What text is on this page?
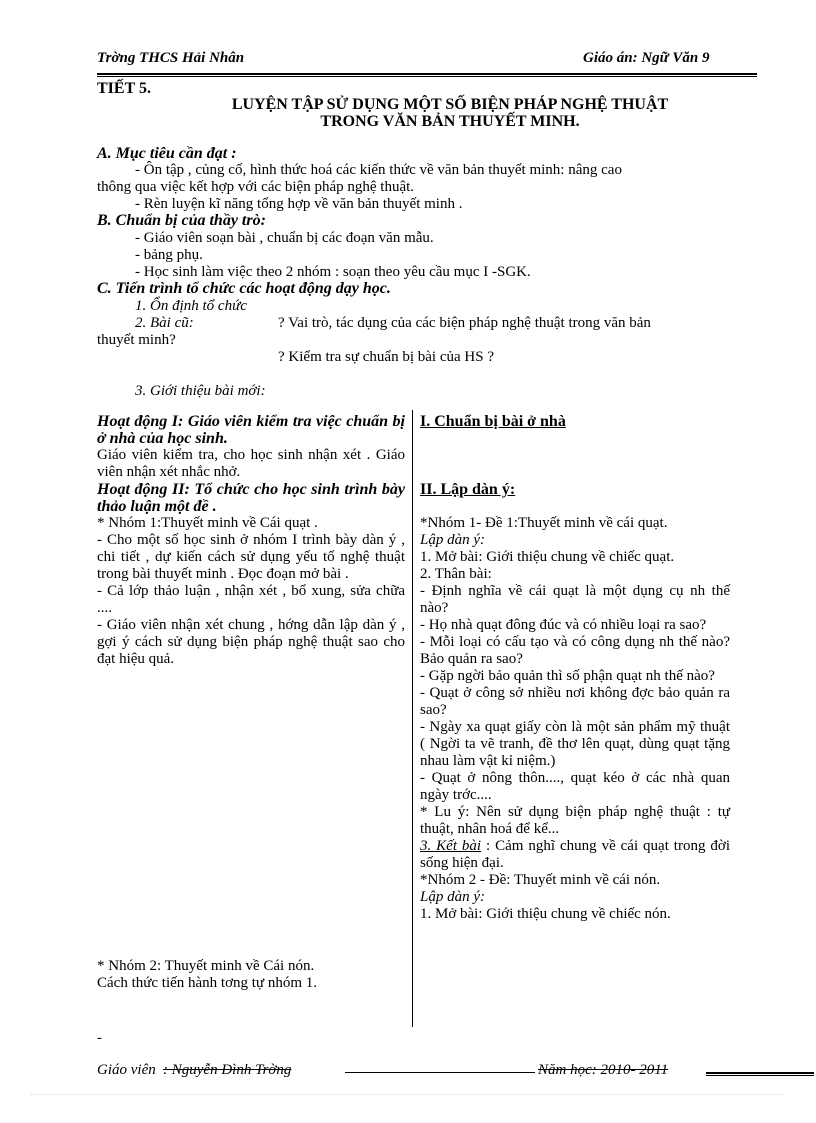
Trờng THCS Hải Nhân	Giáo án: Ngữ Văn 9
TIẾT 5.
LUYỆN TẬP SỬ DỤNG MỘT SỐ BIỆN PHÁP NGHỆ THUẬT
TRONG VĂN BẢN THUYẾT MINH.
A. Mục tiêu cần đạt :
- Ôn tập , củng cố, hình thức hoá các kiến thức về văn bản thuyết minh: nâng cao
thông qua việc kết hợp với các biện pháp nghệ thuật.
- Rèn luyện kĩ năng tổng hợp về văn bản thuyết minh .
B. Chuẩn bị của thầy trò:
- Giáo viên soạn bài , chuẩn bị các đoạn văn mẫu.
- bảng phụ.
- Học sinh làm việc theo 2 nhóm : soạn theo yêu cầu mục I -SGK.
C. Tiến trình tổ chức các hoạt động dạy học.
1. Ổn định tổ chức
2. Bài cũ:	? Vai trò, tác dụng của các biện pháp nghệ thuật trong văn bản
thuyết minh?
? Kiểm tra sự chuẩn bị bài của HS ?
3. Giới thiệu bài mới:

Hoạt động I: Giáo viên kiểm tra việc chuẩn bị ở nhà của học sinh.

Giáo viên kiểm tra, cho học sinh nhận xét . Giáo viên nhận xét nhắc nhở.

Hoạt động II: Tổ chức cho học sinh trình bày thảo luận một đề .

* Nhóm 1:Thuyết minh về Cái quạt .

- Cho một số học sinh ở nhóm I trình bày dàn ý , chi tiết , dự kiến cách sử dụng yếu tố nghệ thuật trong bài thuyết minh . Đọc đoạn mở bài .

- Cả lớp thảo luận , nhận xét , bổ xung, sửa chữa ....

- Giáo viên nhận xét chung , hớng dẫn lập dàn ý , gợi ý cách sử dụng biện pháp nghệ thuật sao cho đạt hiệu quả.

* Nhóm 2: Thuyết minh về Cái nón.

Cách thức tiến hành tơng tự nhóm 1.

I. Chuẩn bị bài ở nhà

II. Lập dàn ý:

*Nhóm 1- Đề 1:Thuyết minh về cái quạt.

Lập dàn ý:

1. Mở bài: Giới thiệu chung về chiếc quạt.

2. Thân bài:

- Định nghĩa về cái quạt là một dụng cụ nh thế nào?

- Họ nhà quạt đông đúc và có nhiều loại ra sao?

- Mỗi loại có cấu tạo và có công dụng nh thế nào? Bảo quản ra sao?

- Gặp ngời bảo quản thì số phận quạt nh thế nào?

- Quạt ở công sở nhiều nơi không đợc bảo quản ra sao?

- Ngày xa quạt giấy còn là một sản phẩm mỹ thuật ( Ngời ta vẽ tranh, đề thơ lên quạt, dùng quạt tặng nhau làm vật kỉ niệm.)

- Quạt ở nông thôn...., quạt kéo ở các nhà quan ngày trớc....

* Lu ý: Nên sử dụng biện pháp nghệ thuật : tự thuật, nhân hoá để kể...

3. Kết bài : Cảm nghĩ chung về cái quạt trong đời sống hiện đại.

*Nhóm 2 - Đề: Thuyết minh về cái nón.

Lập dàn ý:

1. Mở bài: Giới thiệu chung về chiếc nón.

-
Giáo viên : Nguyễn Đình Trờng	Năm học: 2010- 2011
